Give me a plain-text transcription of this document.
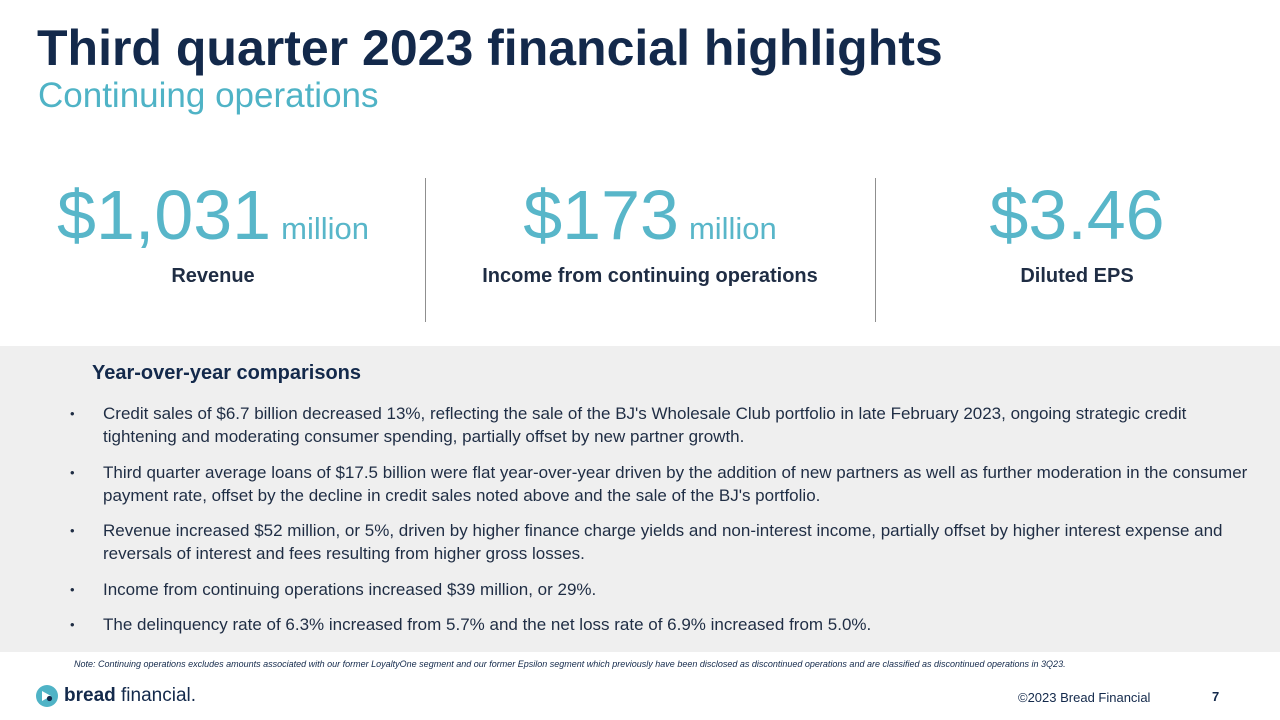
Third quarter 2023 financial highlights
Continuing operations
$1,031 million
Revenue
$173 million
Income from continuing operations
$3.46
Diluted EPS
Year-over-year comparisons
• Credit sales of $6.7 billion decreased 13%, reflecting the sale of the BJ's Wholesale Club portfolio in late February 2023, ongoing strategic credit tightening and moderating consumer spending, partially offset by new partner growth.
• Third quarter average loans of $17.5 billion were flat year-over-year driven by the addition of new partners as well as further moderation in the consumer payment rate, offset by the decline in credit sales noted above and the sale of the BJ's portfolio.
• Revenue increased $52 million, or 5%, driven by higher finance charge yields and non-interest income, partially offset by higher interest expense and reversals of interest and fees resulting from higher gross losses.
• Income from continuing operations increased $39 million, or 29%.
• The delinquency rate of 6.3% increased from 5.7% and the net loss rate of 6.9% increased from 5.0%.
Note: Continuing operations excludes amounts associated with our former LoyaltyOne segment and our former Epsilon segment which previously have been disclosed as discontinued operations and are classified as discontinued operations in 3Q23.
bread financial.	©2023 Bread Financial	7
